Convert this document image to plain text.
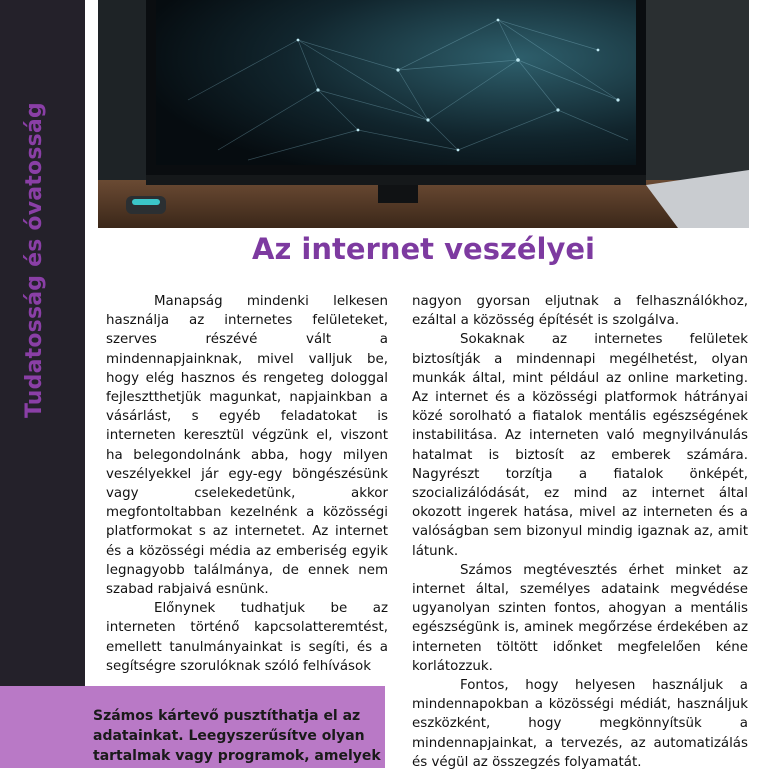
Tudatosság és óvatosság	Az internet veszélyei

Manapság mindenki lelkesen használja az internetes felületeket, szerves részévé vált a mindennapjainknak, mivel valljuk be, hogy elég hasznos és rengeteg dologgal fejlesztthetjük magunkat, napjainkban a vásárlást, s egyéb feladatokat is interneten keresztül végzünk el, viszont ha belegondolnánk abba, hogy milyen veszélyekkel jár egy-egy böngészésünk vagy cselekedetünk, akkor megfontoltabban kezelnénk a közösségi platformokat s az internetet. Az internet és a közösségi média az emberiség egyik legnagyobb találmánya, de ennek nem szabad rabjaivá esnünk.

Előnynek tudhatjuk be az interneten történő kapcsolatteremtést, emellett tanulmányainkat is segíti, és a segítségre szorulóknak szóló felhívások

nagyon gyorsan eljutnak a felhasználókhoz, ezáltal a közösség építését is szolgálva.

Sokaknak az internetes felületek biztosítják a mindennapi megélhetést, olyan munkák által, mint például az online marketing. Az internet és a közösségi platformok hátrányai közé sorolható a fiatalok mentális egészségének instabilitása. Az interneten való megnyilvánulás hatalmat is biztosít az emberek számára. Nagyrészt torzítja a fiatalok önképét, szocializálódását, ez mind az internet által okozott ingerek hatása, mivel az interneten és a valóságban sem bizonyul mindig igaznak az, amit látunk.

Számos megtévesztés érhet minket az internet által, személyes adataink megvédése ugyanolyan szinten fontos, ahogyan a mentális egészségünk is, aminek megőrzése érdekében az interneten töltött időnket megfelelően kéne korlátozzuk.

Fontos, hogy helyesen használjuk a mindennapokban a közösségi médiát, használjuk eszközként, hogy megkönnyítsük a mindennapjainkat, a tervezés, az automatizálás és végül az összegzés folyamatát.

Számos kártevő pusztíthatja el az adatainkat. Leegyszerűsítve olyan tartalmak vagy programok, amelyek
